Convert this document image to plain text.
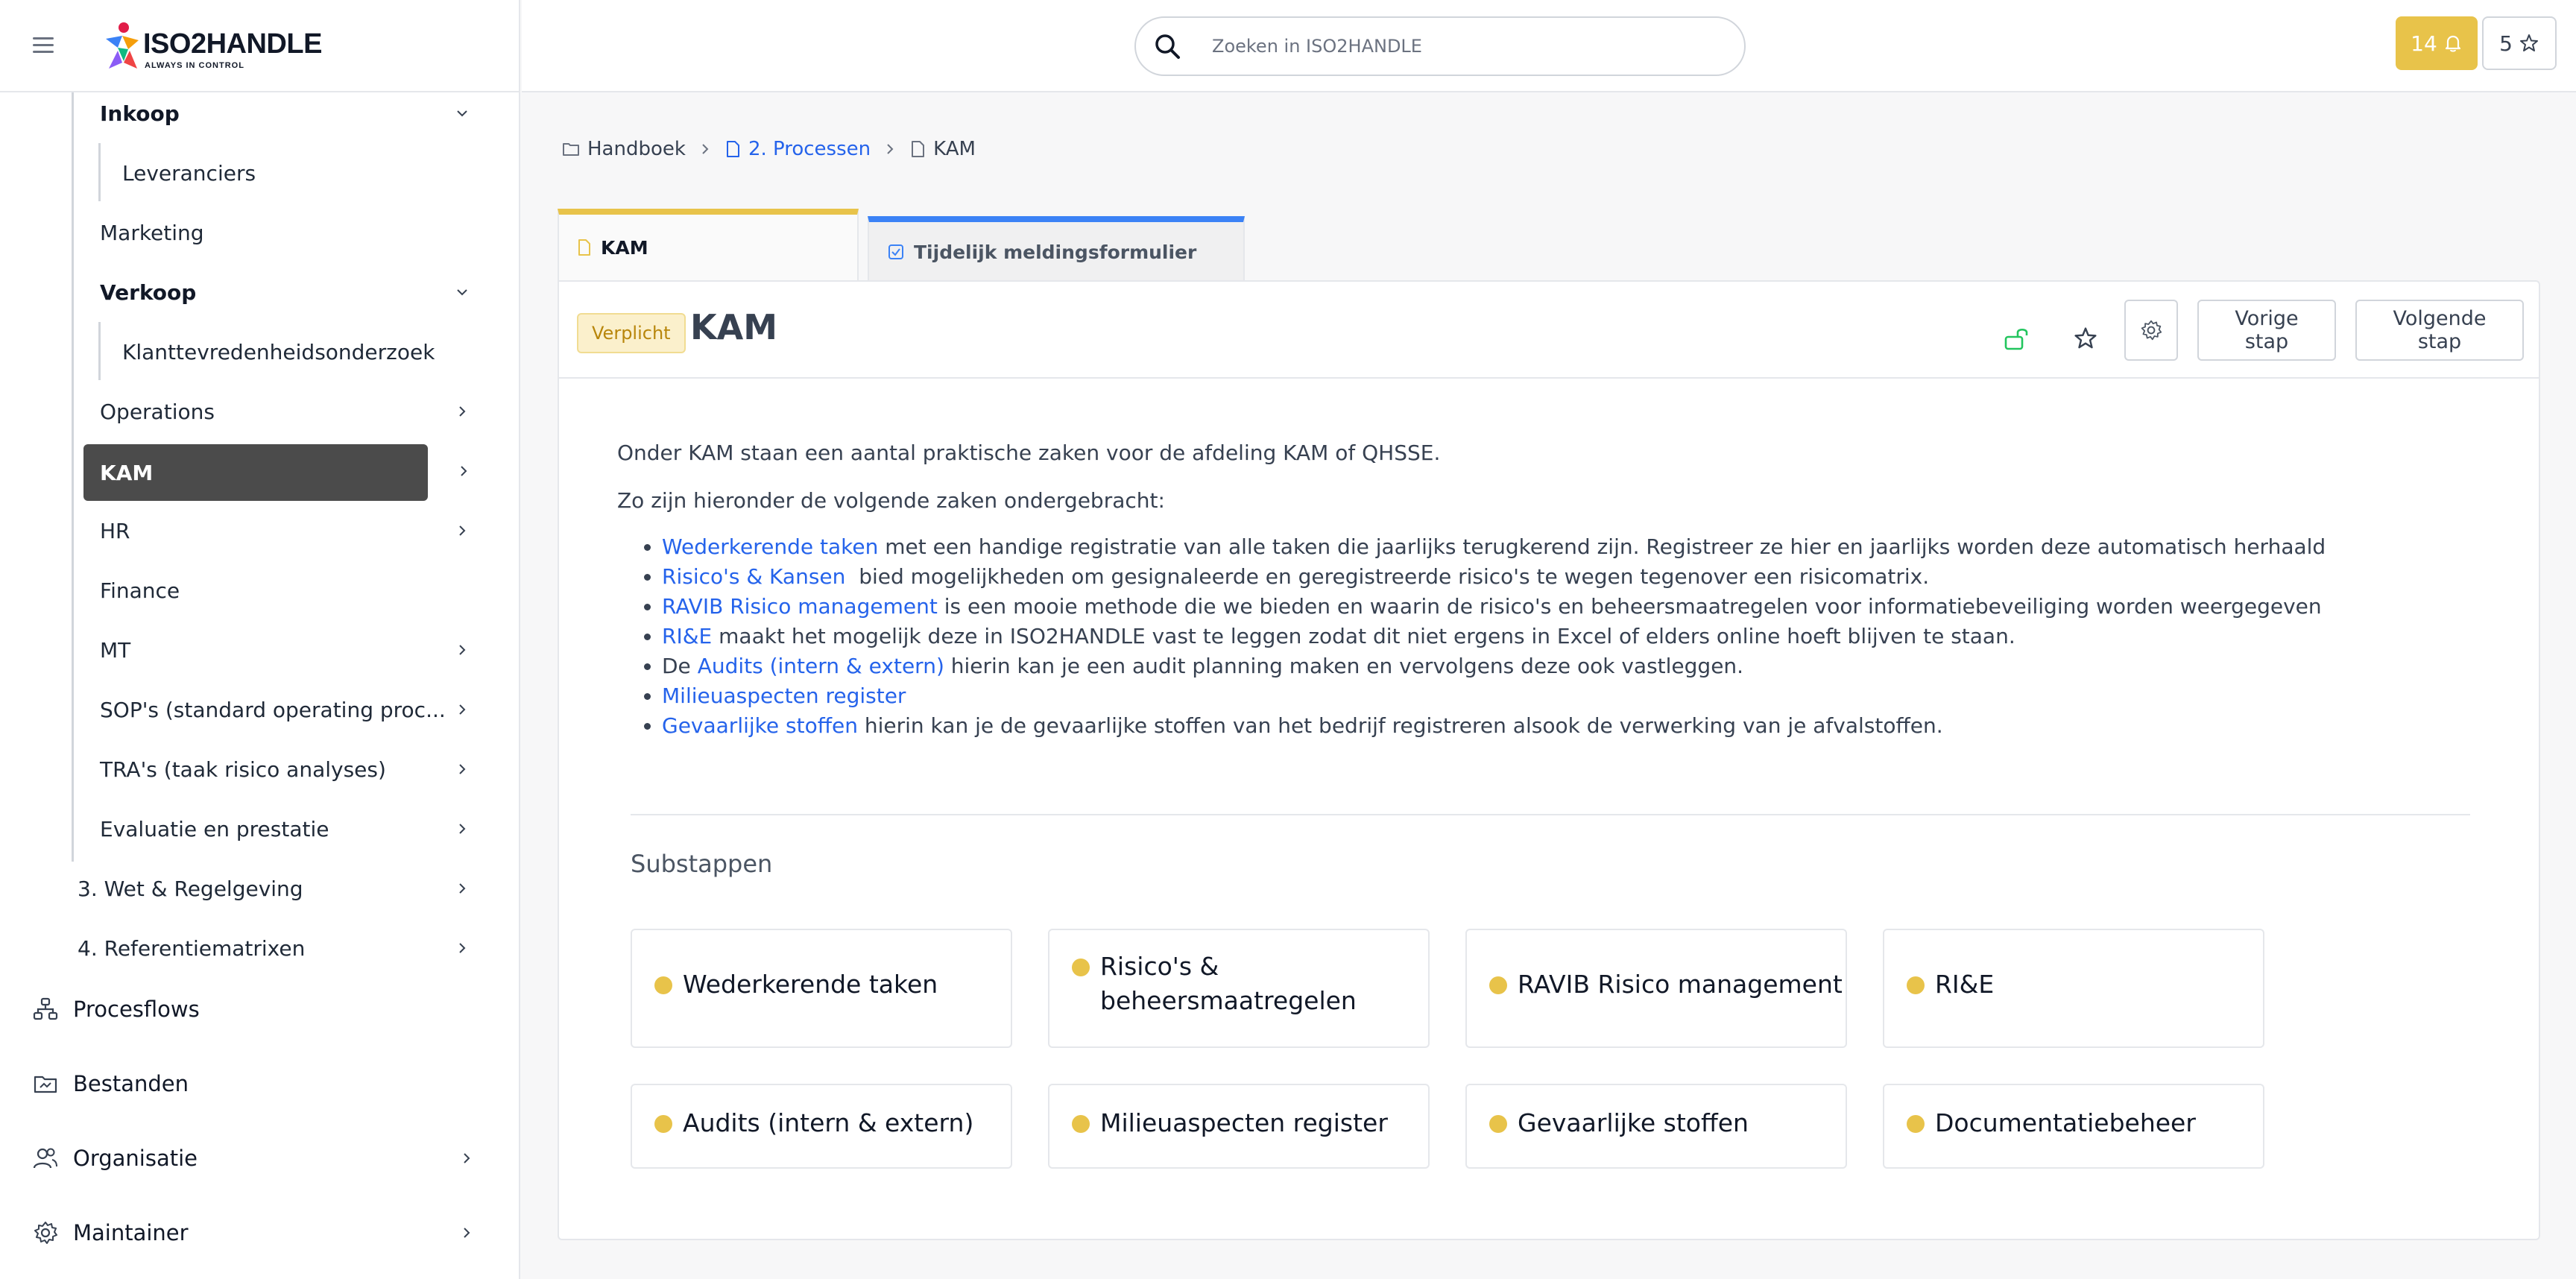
ISO2HANDLE
ALWAYS IN CONTROL
Inkoop
Leveranciers
Marketing
Verkoop
Klanttevredenheidsonderzoek
Operations
KAM
HR
Finance
MT
SOP's (standard operating proc...
TRA's (taak risico analyses)
Evaluatie en prestatie
3. Wet & Regelgeving
4. Referentiematrixen
Procesflows
Bestanden
Organisatie
Maintainer
Zoeken in ISO2HANDLE
14	5
Handboek	2. Processen	KAM
KAM	Tijdelijk meldingsformulier
Verplicht KAM	Vorige stap
Volgende stap

Onder KAM staan een aantal praktische zaken voor de afdeling KAM of QHSSE.

Zo zijn hieronder de volgende zaken ondergebracht:

• Wederkerende taken met een handige registratie van alle taken die jaarlijks terugkerend zijn. Registreer ze hier en jaarlijks worden deze automatisch herhaald
• Risico's & Kansen  bied mogelijkheden om gesignaleerde en geregistreerde risico's te wegen tegenover een risicomatrix.
• RAVIB Risico management is een mooie methode die we bieden en waarin de risico's en beheersmaatregelen voor informatiebeveiliging worden weergegeven
• RI&E maakt het mogelijk deze in ISO2HANDLE vast te leggen zodat dit niet ergens in Excel of elders online hoeft blijven te staan.
• De Audits (intern & extern) hierin kan je een audit planning maken en vervolgens deze ook vastleggen.
• Milieuaspecten register
• Gevaarlijke stoffen hierin kan je de gevaarlijke stoffen van het bedrijf registreren alsook de verwerking van je afvalstoffen.
Substappen
Wederkerende taken
Risico's &
beheersmaatregelen
RAVIB Risico management	RI&E
Audits (intern & extern)	Milieuaspecten register	Gevaarlijke stoffen	Documentatiebeheer
